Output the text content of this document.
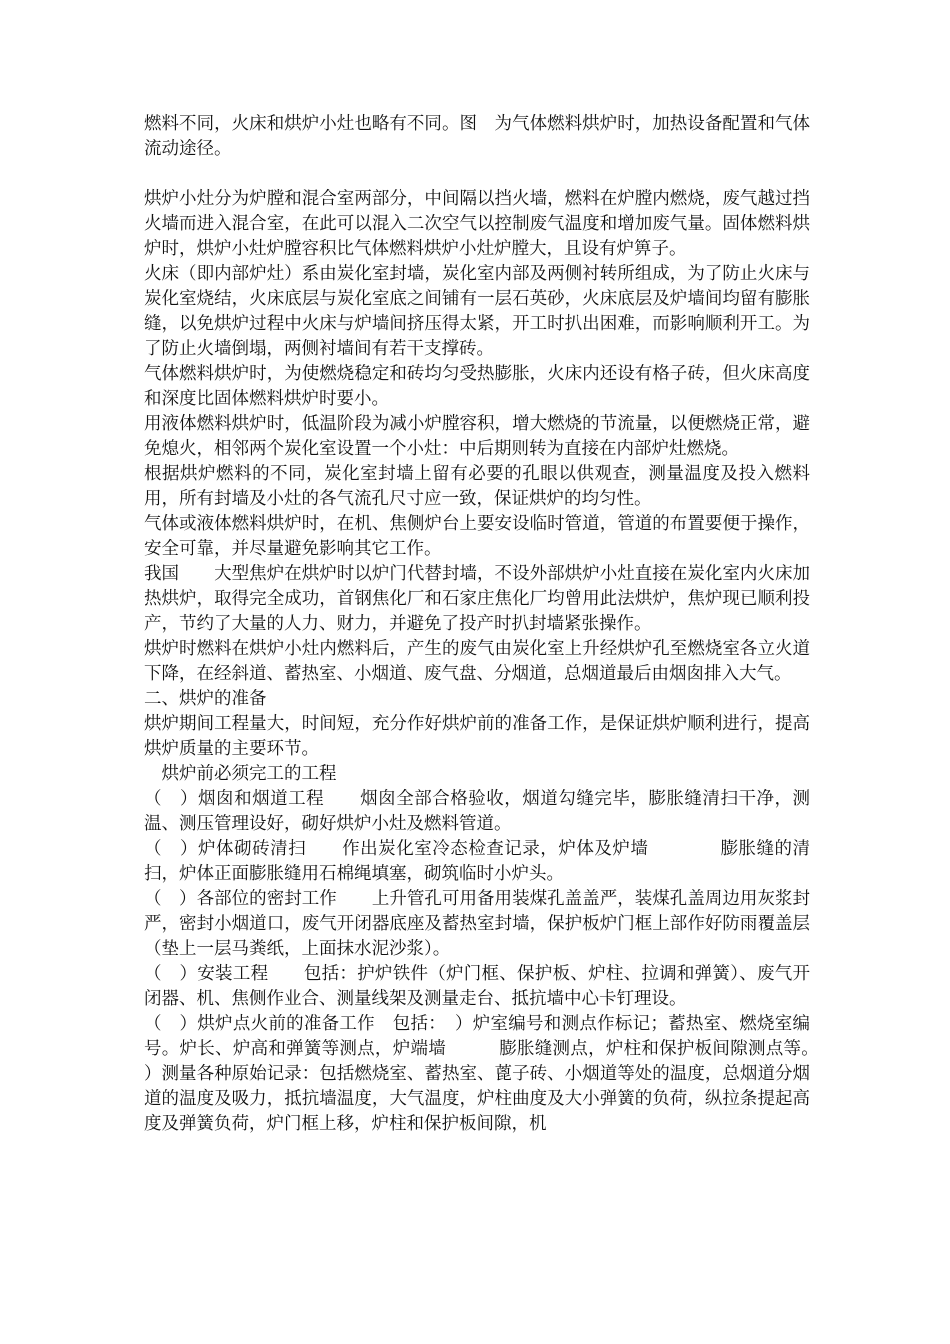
燃料不同，火床和烘炉小灶也略有不同。图　为气体燃料烘炉时，加热设备配置和气体流动途径。

烘炉小灶分为炉膛和混合室两部分，中间隔以挡火墙，燃料在炉膛内燃烧，废气越过挡火墙而进入混合室，在此可以混入二次空气以控制废气温度和增加废气量。固体燃料烘炉时，烘炉小灶炉膛容积比气体燃料烘炉小灶炉膛大，且设有炉箅子。

火床（即内部炉灶）系由炭化室封墙，炭化室内部及两侧衬转所组成，为了防止火床与炭化室烧结，火床底层与炭化室底之间铺有一层石英砂，火床底层及炉墙间均留有膨胀缝，以免烘炉过程中火床与炉墙间挤压得太紧，开工时扒出困难，而影响顺利开工。为了防止火墙倒塌，两侧衬墙间有若干支撑砖。

气体燃料烘炉时，为使燃烧稳定和砖均匀受热膨胀，火床内还设有格子砖，但火床高度和深度比固体燃料烘炉时要小。

用液体燃料烘炉时，低温阶段为减小炉膛容积，增大燃烧的节流量，以便燃烧正常，避免熄火，相邻两个炭化室设置一个小灶：中后期则转为直接在内部炉灶燃烧。

根据烘炉燃料的不同，炭化室封墙上留有必要的孔眼以供观查，测量温度及投入燃料用，所有封墙及小灶的各气流孔尺寸应一致，保证烘炉的均匀性。

气体或液体燃料烘炉时，在机、焦侧炉台上要安设临时管道，管道的布置要便于操作，安全可靠，并尽量避免影响其它工作。

我国　　大型焦炉在烘炉时以炉门代替封墙，不设外部烘炉小灶直接在炭化室内火床加热烘炉，取得完全成功，首钢焦化厂和石家庄焦化厂均曾用此法烘炉，焦炉现已顺利投产，节约了大量的人力、财力，并避免了投产时扒封墙紧张操作。

烘炉时燃料在烘炉小灶内燃料后，产生的废气由炭化室上升经烘炉孔至燃烧室各立火道下降，在经斜道、蓄热室、小烟道、废气盘、分烟道，总烟道最后由烟囱排入大气。

二、烘炉的准备

烘炉期间工程量大，时间短，充分作好烘炉前的准备工作，是保证烘炉顺利进行，提高烘炉质量的主要环节。

　烘炉前必须完工的工程

（　）烟囱和烟道工程　　烟囱全部合格验收，烟道勾缝完毕，膨胀缝清扫干净，测温、测压管理设好，砌好烘炉小灶及燃料管道。

（　）炉体砌砖清扫　　作出炭化室冷态检查记录，炉体及炉墙　　　　膨胀缝的清扫，炉体正面膨胀缝用石棉绳填塞，砌筑临时小炉头。

（　）各部位的密封工作　　上升管孔可用备用装煤孔盖盖严，装煤孔盖周边用灰浆封严，密封小烟道口，废气开闭器底座及蓄热室封墙，保护板炉门框上部作好防雨覆盖层（垫上一层马粪纸，上面抹水泥沙浆）。

（　）安装工程　　包括：护炉铁件（炉门框、保护板、炉柱、拉调和弹簧）、废气开闭器、机、焦侧作业合、测量线架及测量走台、抵抗墙中心卡钉理设。

（　）烘炉点火前的准备工作　包括：　）炉室编号和测点作标记；蓄热室、燃烧室编号。炉长、炉高和弹簧等测点，炉端墙　　　膨胀缝测点，炉柱和保护板间隙测点等。　）测量各种原始记录：包括燃烧室、蓄热室、蓖子砖、小烟道等处的温度，总烟道分烟道的温度及吸力，抵抗墙温度，大气温度，炉柱曲度及大小弹簧的负荷，纵拉条提起高度及弹簧负荷，炉门框上移，炉柱和保护板间隙，机
